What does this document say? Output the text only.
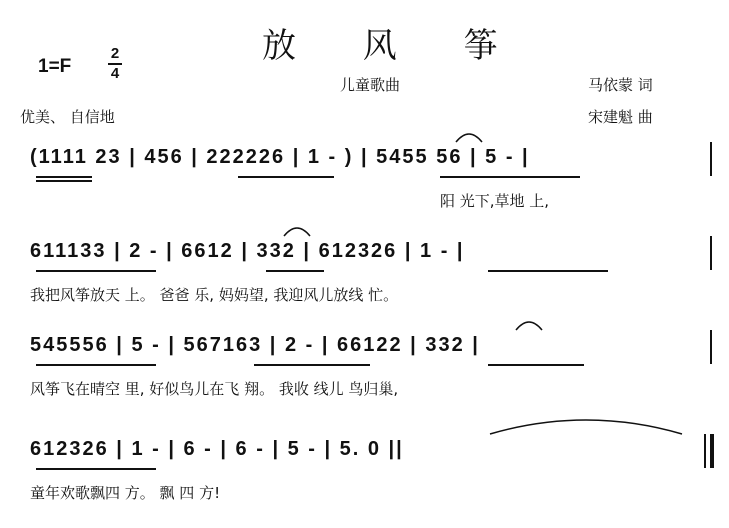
放 风 筝
儿童歌曲	马依蒙 词
宋建魁 曲
1=F
2
4
优美、 自信地
(1111 23 | 456 | 222226 | 1 - ) | 5455 56 | 5 - |
阳 光下,草地 上,
611133 | 2 - | 6612 | 332 | 612326 | 1 - |
我把风筝放天 上。 爸爸 乐, 妈妈望, 我迎风儿放线 忙。
545556 | 5 - | 567163 | 2 - | 66122 | 332 |
风筝飞在晴空 里, 好似鸟儿在飞 翔。 我收 线儿 鸟归巢,
612326 | 1 - | 6 - | 6 - | 5 - | 5. 0 ||
童年欢歌飘四 方。 飘 四 方!
